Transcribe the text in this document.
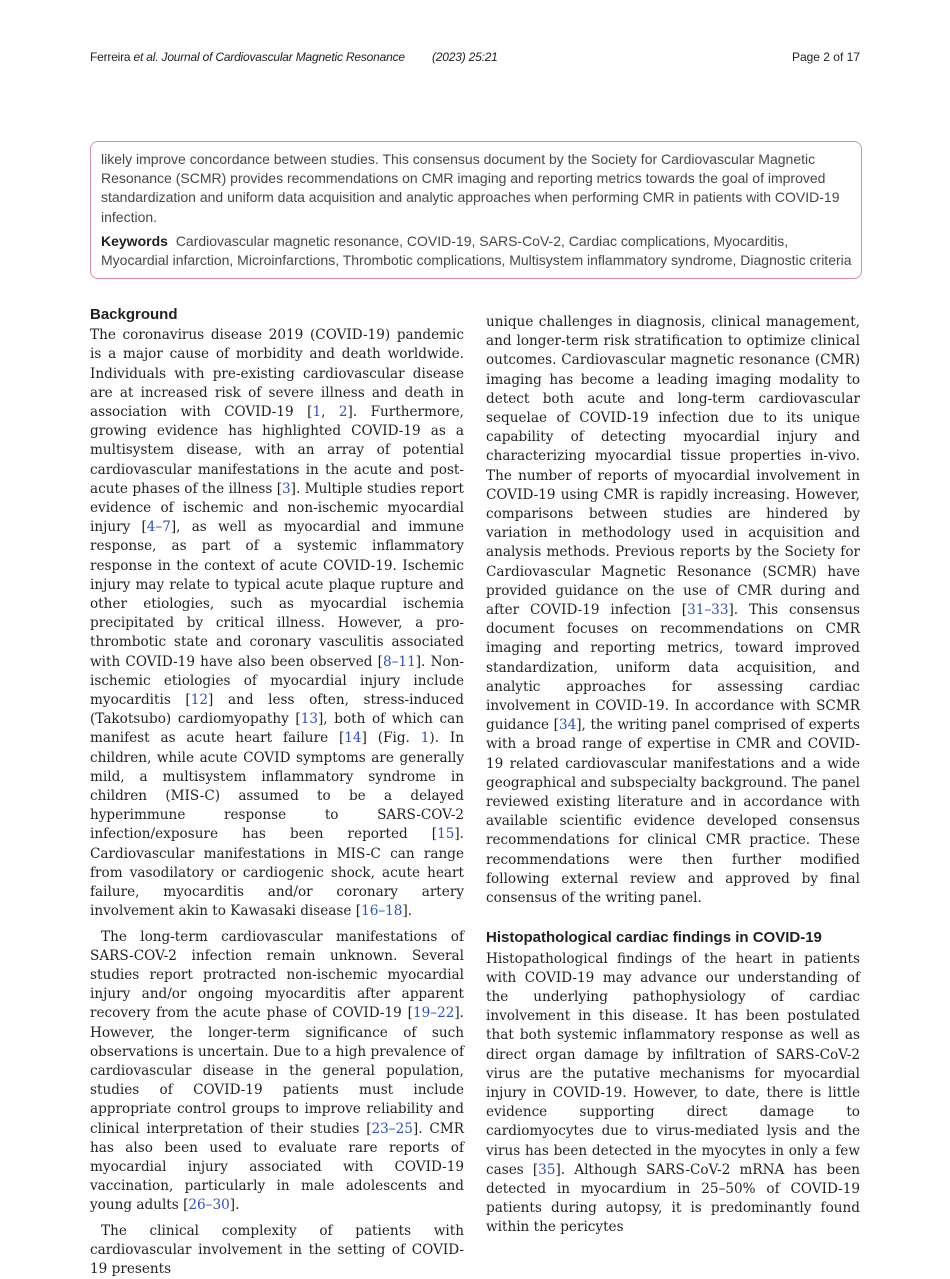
Ferreira et al. Journal of Cardiovascular Magnetic Resonance (2023) 25:21	Page 2 of 17

likely improve concordance between studies. This consensus document by the Society for Cardiovascular Magnetic Resonance (SCMR) provides recommendations on CMR imaging and reporting metrics towards the goal of improved standardization and uniform data acquisition and analytic approaches when performing CMR in patients with COVID-19 infection.

Keywords Cardiovascular magnetic resonance, COVID-19, SARS-CoV-2, Cardiac complications, Myocarditis, Myocardial infarction, Microinfarctions, Thrombotic complications, Multisystem inflammatory syndrome, Diagnostic criteria

Background

The coronavirus disease 2019 (COVID-19) pandemic is a major cause of morbidity and death worldwide. Individuals with pre-existing cardiovascular disease are at increased risk of severe illness and death in association with COVID-19 [1, 2]. Furthermore, growing evidence has highlighted COVID-19 as a multisystem disease, with an array of potential cardiovascular manifestations in the acute and post-acute phases of the illness [3]. Multiple studies report evidence of ischemic and non-ischemic myocardial injury [4–7], as well as myocardial and immune response, as part of a systemic inflammatory response in the context of acute COVID-19. Ischemic injury may relate to typical acute plaque rupture and other etiologies, such as myocardial ischemia precipitated by critical illness. However, a pro-thrombotic state and coronary vasculitis associated with COVID-19 have also been observed [8–11]. Non-ischemic etiologies of myocardial injury include myocarditis [12] and less often, stress-induced (Takotsubo) cardiomyopathy [13], both of which can manifest as acute heart failure [14] (Fig. 1). In children, while acute COVID symptoms are generally mild, a multisystem inflammatory syndrome in children (MIS-C) assumed to be a delayed hyperimmune response to SARS-COV-2 infection/exposure has been reported [15]. Cardiovascular manifestations in MIS-C can range from vasodilatory or cardiogenic shock, acute heart failure, myocarditis and/or coronary artery involvement akin to Kawasaki disease [16–18].

The long-term cardiovascular manifestations of SARS-COV-2 infection remain unknown. Several studies report protracted non-ischemic myocardial injury and/or ongoing myocarditis after apparent recovery from the acute phase of COVID-19 [19–22]. However, the longer-term significance of such observations is uncertain. Due to a high prevalence of cardiovascular disease in the general population, studies of COVID-19 patients must include appropriate control groups to improve reliability and clinical interpretation of their studies [23–25]. CMR has also been used to evaluate rare reports of myocardial injury associated with COVID-19 vaccination, particularly in male adolescents and young adults [26–30].

The clinical complexity of patients with cardiovascular involvement in the setting of COVID-19 presents

unique challenges in diagnosis, clinical management, and longer-term risk stratification to optimize clinical outcomes. Cardiovascular magnetic resonance (CMR) imaging has become a leading imaging modality to detect both acute and long-term cardiovascular sequelae of COVID-19 infection due to its unique capability of detecting myocardial injury and characterizing myocardial tissue properties in-vivo. The number of reports of myocardial involvement in COVID-19 using CMR is rapidly increasing. However, comparisons between studies are hindered by variation in methodology used in acquisition and analysis methods. Previous reports by the Society for Cardiovascular Magnetic Resonance (SCMR) have provided guidance on the use of CMR during and after COVID-19 infection [31–33]. This consensus document focuses on recommendations on CMR imaging and reporting metrics, toward improved standardization, uniform data acquisition, and analytic approaches for assessing cardiac involvement in COVID-19. In accordance with SCMR guidance [34], the writing panel comprised of experts with a broad range of expertise in CMR and COVID-19 related cardiovascular manifestations and a wide geographical and subspecialty background. The panel reviewed existing literature and in accordance with available scientific evidence developed consensus recommendations for clinical CMR practice. These recommendations were then further modified following external review and approved by final consensus of the writing panel.

Histopathological cardiac findings in COVID-19

Histopathological findings of the heart in patients with COVID-19 may advance our understanding of the underlying pathophysiology of cardiac involvement in this disease. It has been postulated that both systemic inflammatory response as well as direct organ damage by infiltration of SARS-CoV-2 virus are the putative mechanisms for myocardial injury in COVID-19. However, to date, there is little evidence supporting direct damage to cardiomyocytes due to virus-mediated lysis and the virus has been detected in the myocytes in only a few cases [35]. Although SARS-CoV-2 mRNA has been detected in myocardium in 25–50% of COVID-19 patients during autopsy, it is predominantly found within the pericytes
